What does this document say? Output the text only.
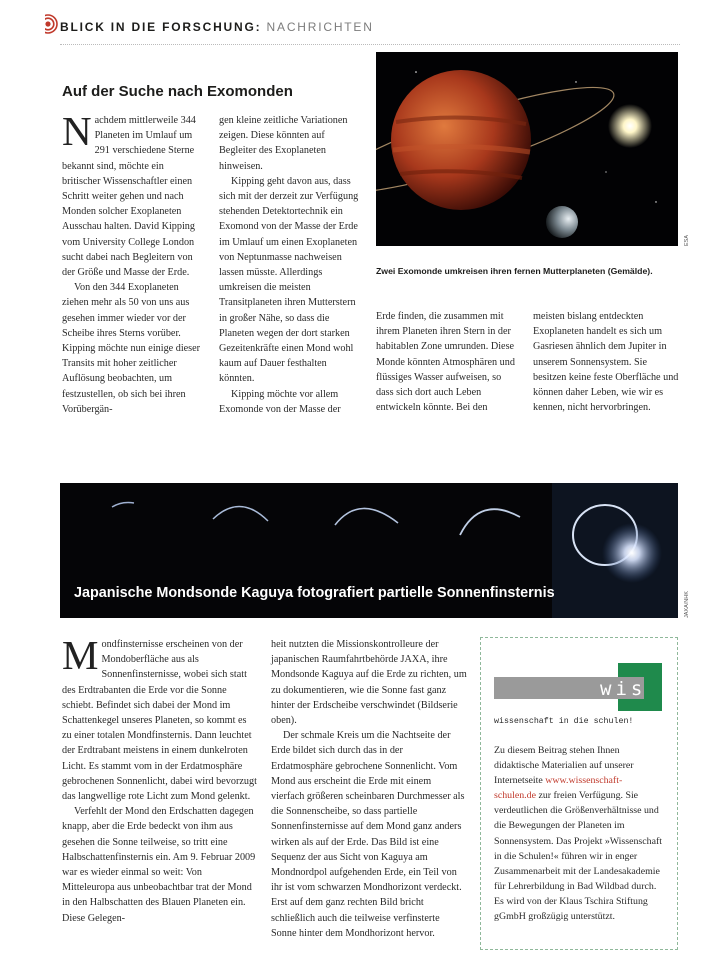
BLICK IN DIE FORSCHUNG: NACHRICHTEN
Auf der Suche nach Exomonden

Nachdem mittlerweile 344 Planeten im Umlauf um 291 verschiedene Sterne bekannt sind, möchte ein britischer Wissenschaftler einen Schritt weiter gehen und nach Monden solcher Exoplaneten Ausschau halten. David Kipping vom University College London sucht dabei nach Begleitern von der Größe und Masse der Erde.

Von den 344 Exoplaneten ziehen mehr als 50 von uns aus gesehen immer wieder vor der Scheibe ihres Sterns vorüber. Kipping möchte nun einige dieser Transits mit hoher zeitlicher Auflösung beobachten, um festzustellen, ob sich bei ihren Vorübergän-

gen kleine zeitliche Variationen zeigen. Diese könnten auf Begleiter des Exoplaneten hinweisen.

Kipping geht davon aus, dass sich mit der derzeit zur Verfügung stehenden Detektortechnik ein Exomond von der Masse der Erde im Umlauf um einen Exoplaneten von Neptunmasse nachweisen lassen müsste. Allerdings umkreisen die meisten Transitplaneten ihren Mutterstern in großer Nähe, so dass die Planeten wegen der dort starken Gezeitenkräfte einen Mond wohl kaum auf Dauer festhalten könnten.

Kipping möchte vor allem Exomonde von der Masse der

Erde finden, die zusammen mit ihrem Planeten ihren Stern in der habitablen Zone umrunden. Diese Monde könnten Atmosphären und flüssiges Wasser aufweisen, so dass sich dort auch Leben entwickeln könnte. Bei den

meisten bislang entdeckten Exoplaneten handelt es sich um Gasriesen ähnlich dem Jupiter in unserem Sonnensystem. Sie besitzen keine feste Oberfläche und können daher Leben, wie wir es kennen, nicht hervorbringen.

ESA
Zwei Exomonde umkreisen ihren fernen Mutterplaneten (Gemälde).
Japanische Mondsonde Kaguya fotografiert partielle Sonnenfinsternis	JAXA/NHK

Mondfinsternisse erscheinen von der Mondoberfläche aus als Sonnenfinsternisse, wobei sich statt des Erdtrabanten die Erde vor die Sonne schiebt. Befindet sich dabei der Mond im Schattenkegel unseres Planeten, so kommt es zu einer totalen Mondfinsternis. Dann leuchtet der Erdtrabant meistens in einem dunkelroten Licht. Es stammt vom in der Erdatmosphäre gebrochenen Sonnenlicht, dabei wird bevorzugt das langwellige rote Licht zum Mond gelenkt.

Verfehlt der Mond den Erdschatten dagegen knapp, aber die Erde bedeckt von ihm aus gesehen die Sonne teilweise, so tritt eine Halbschattenfinsternis ein. Am 9. Februar 2009 war es wieder einmal so weit: Von Mitteleuropa aus unbeobachtbar trat der Mond in den Halbschatten des Blauen Planeten ein. Diese Gelegen-

heit nutzten die Missionskontrolleure der japanischen Raumfahrtbehörde JAXA, ihre Mondsonde Kaguya auf die Erde zu richten, um zu dokumentieren, wie die Sonne fast ganz hinter der Erdscheibe verschwindet (Bildserie oben).

Der schmale Kreis um die Nachtseite der Erde bildet sich durch das in der Erdatmosphäre gebrochene Sonnenlicht. Vom Mond aus erscheint die Erde mit einem vierfach größeren scheinbaren Durchmesser als die Sonnenscheibe, so dass partielle Sonnenfinsternisse auf dem Mond ganz anders wirken als auf der Erde. Das Bild ist eine Sequenz der aus Sicht von Kaguya am Mondnordpol aufgehenden Erde, ein Teil von ihr ist vom schwarzen Mondhorizont verdeckt. Erst auf dem ganz rechten Bild bricht schließlich auch die teilweise verfinsterte Sonne hinter dem Mondhorizont hervor.

wis
wissenschaft in die schulen!
Zu diesem Beitrag stehen Ihnen didaktische Materialien auf unserer Internetseite www.wissenschaft-schulen.de zur freien Verfügung. Sie verdeutlichen die Größenverhältnisse und die Bewegungen der Planeten im Sonnensystem. Das Projekt »Wissenschaft in die Schulen!« führen wir in enger Zusammenarbeit mit der Landesakademie für Lehrerbildung in Bad Wildbad durch. Es wird von der Klaus Tschira Stiftung gGmbH großzügig unterstützt.
